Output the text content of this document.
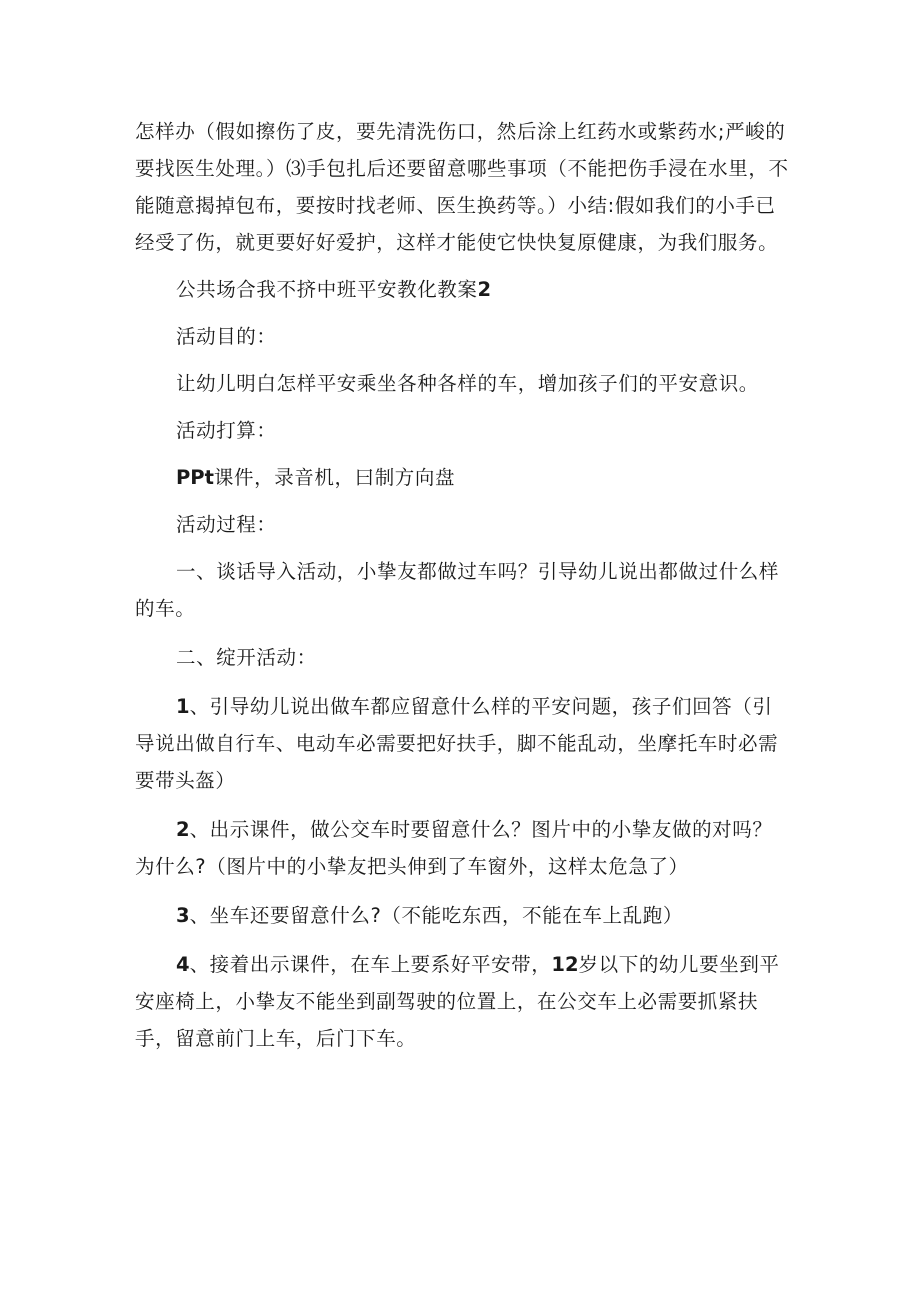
怎样办（假如擦伤了皮，要先清洗伤口，然后涂上红药水或紫药水;严峻的要找医生处理。）⑶手包扎后还要留意哪些事项（不能把伤手浸在水里，不能随意揭掉包布，要按时找老师、医生换药等。）小结:假如我们的小手已经受了伤，就更要好好爱护，这样才能使它快快复原健康，为我们服务。

公共场合我不挤中班平安教化教案2

活动目的：

让幼儿明白怎样平安乘坐各种各样的车，增加孩子们的平安意识。

活动打算：

PPt课件，录音机，曰制方向盘

活动过程：

一、谈话导入活动，小挚友都做过车吗？引导幼儿说出都做过什么样的车。

二、绽开活动：

1、引导幼儿说出做车都应留意什么样的平安问题，孩子们回答（引导说出做自行车、电动车必需要把好扶手，脚不能乱动，坐摩托车时必需要带头盔）

2、出示课件，做公交车时要留意什么？图片中的小挚友做的对吗？为什么?（图片中的小挚友把头伸到了车窗外，这样太危急了）

3、坐车还要留意什么?（不能吃东西，不能在车上乱跑）

4、接着出示课件，在车上要系好平安带，12岁以下的幼儿要坐到平安座椅上，小挚友不能坐到副驾驶的位置上，在公交车上必需要抓紧扶手，留意前门上车，后门下车。
